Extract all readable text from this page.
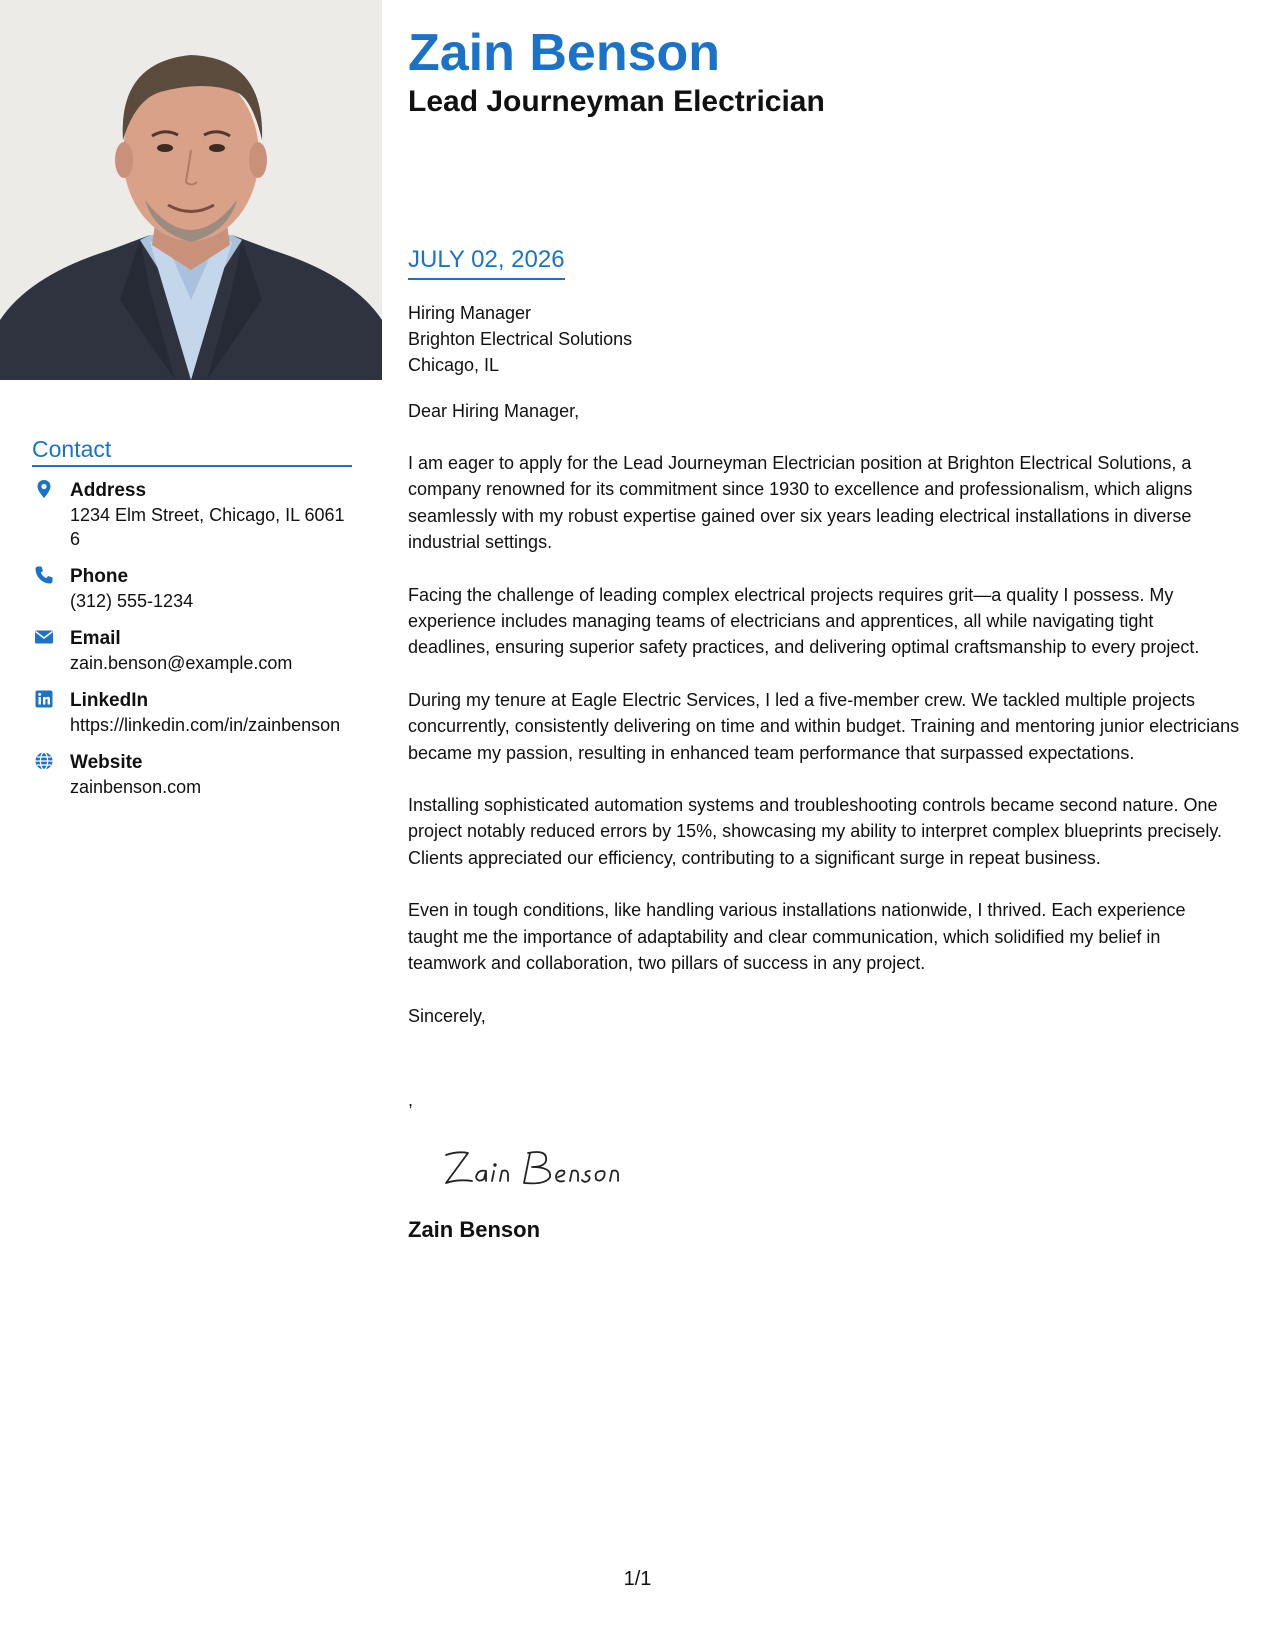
Zain Benson
Lead Journeyman Electrician
Contact
Address
1234 Elm Street, Chicago, IL 60616
Phone
(312) 555-1234
Email
zain.benson@example.com
LinkedIn
https://linkedin.com/in/zainbenson
Website
zainbenson.com
JULY 02, 2026

Hiring Manager

Brighton Electrical Solutions

Chicago, IL

Dear Hiring Manager,

I am eager to apply for the Lead Journeyman Electrician position at Brighton Electrical Solutions, a company renowned for its commitment since 1930 to excellence and professionalism, which aligns seamlessly with my robust expertise gained over six years leading electrical installations in diverse industrial settings.

Facing the challenge of leading complex electrical projects requires grit—a quality I possess. My experience includes managing teams of electricians and apprentices, all while navigating tight deadlines, ensuring superior safety practices, and delivering optimal craftsmanship to every project.

During my tenure at Eagle Electric Services, I led a five-member crew. We tackled multiple projects concurrently, consistently delivering on time and within budget. Training and mentoring junior electricians became my passion, resulting in enhanced team performance that surpassed expectations.

Installing sophisticated automation systems and troubleshooting controls became second nature. One project notably reduced errors by 15%, showcasing my ability to interpret complex blueprints precisely. Clients appreciated our efficiency, contributing to a significant surge in repeat business.

Even in tough conditions, like handling various installations nationwide, I thrived. Each experience taught me the importance of adaptability and clear communication, which solidified my belief in teamwork and collaboration, two pillars of success in any project.

Sincerely,

,

Zain Benson

1/1
